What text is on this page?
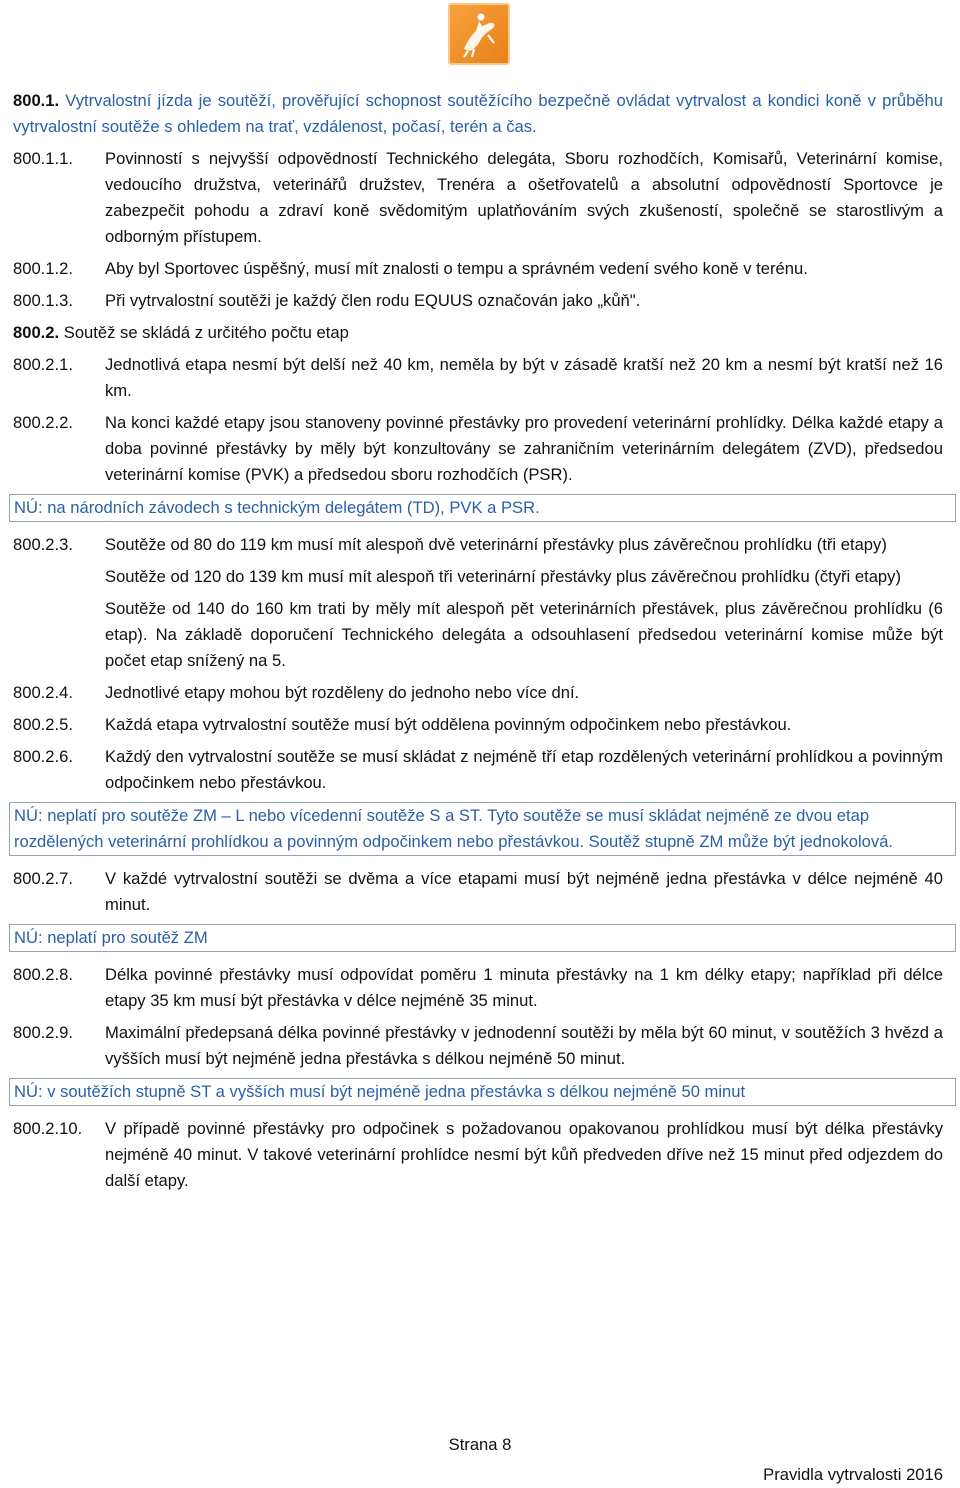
800.1. Vytrvalostní jízda je soutěží, prověřující schopnost soutěžícího bezpečně ovládat vytrvalost a kondici koně v průběhu vytrvalostní soutěže s ohledem na trať, vzdálenost, počasí, terén a čas.
800.1.1.	Povinností s nejvyšší odpovědností Technického delegáta, Sboru rozhodčích, Komisařů, Veterinární komise, vedoucího družstva, veterinářů družstev, Trenéra a ošetřovatelů a absolutní odpovědností Sportovce je zabezpečit pohodu a zdraví koně svědomitým uplatňováním svých zkušeností, společně se starostlivým a odborným přístupem.
800.1.2.	Aby byl Sportovec úspěšný, musí mít znalosti o tempu a správném vedení svého koně v terénu.
800.1.3.	Při vytrvalostní soutěži je každý člen rodu EQUUS označován jako „kůň".
800.2. Soutěž se skládá z určitého počtu etap
800.2.1.	Jednotlivá etapa nesmí být delší než 40 km, neměla by být v zásadě kratší než 20 km a nesmí být kratší než 16 km.
800.2.2.	Na konci každé etapy jsou stanoveny povinné přestávky pro provedení veterinární prohlídky. Délka každé etapy a doba povinné přestávky by měly být konzultovány se zahraničním veterinárním delegátem (ZVD), předsedou veterinární komise (PVK) a předsedou sboru rozhodčích (PSR).
NÚ: na národních závodech s technickým delegátem (TD), PVK a PSR.
800.2.3.	Soutěže od 80 do 119 km musí mít alespoň dvě veterinární přestávky plus závěrečnou prohlídku (tři etapy)

Soutěže od 120 do 139 km musí mít alespoň tři veterinární přestávky plus závěrečnou prohlídku (čtyři etapy)

Soutěže od 140 do 160 km trati by měly mít alespoň pět veterinárních přestávek, plus závěrečnou prohlídku (6 etap). Na základě doporučení Technického delegáta a odsouhlasení předsedou veterinární komise může být počet etap snížený na 5.

800.2.4.	Jednotlivé etapy mohou být rozděleny do jednoho nebo více dní.
800.2.5.	Každá etapa vytrvalostní soutěže musí být oddělena povinným odpočinkem nebo přestávkou.
800.2.6.	Každý den vytrvalostní soutěže se musí skládat z nejméně tří etap rozdělených veterinární prohlídkou a povinným odpočinkem nebo přestávkou.
NÚ: neplatí pro soutěže ZM – L nebo vícedenní soutěže S a ST. Tyto soutěže se musí skládat nejméně ze dvou etap rozdělených veterinární prohlídkou a povinným odpočinkem nebo přestávkou. Soutěž stupně ZM může být jednokolová.
800.2.7.	V každé vytrvalostní soutěži se dvěma a více etapami musí být nejméně jedna přestávka v délce nejméně 40 minut.
NÚ: neplatí pro soutěž ZM
800.2.8.	Délka povinné přestávky musí odpovídat poměru 1 minuta přestávky na 1 km délky etapy; například při délce etapy 35 km musí být přestávka v délce nejméně 35 minut.
800.2.9.	Maximální předepsaná délka povinné přestávky v jednodenní soutěži by měla být 60 minut, v soutěžích 3 hvězd a vyšších musí být nejméně jedna přestávka s délkou nejméně 50 minut.
NÚ: v soutěžích stupně ST a vyšších musí být nejméně jedna přestávka s délkou nejméně 50 minut
800.2.10.	V případě povinné přestávky pro odpočinek s požadovanou opakovanou prohlídkou musí být délka přestávky nejméně 40 minut. V takové veterinární prohlídce nesmí být kůň předveden dříve než 15 minut před odjezdem do další etapy.
Strana 8
Pravidla vytrvalosti 2016
